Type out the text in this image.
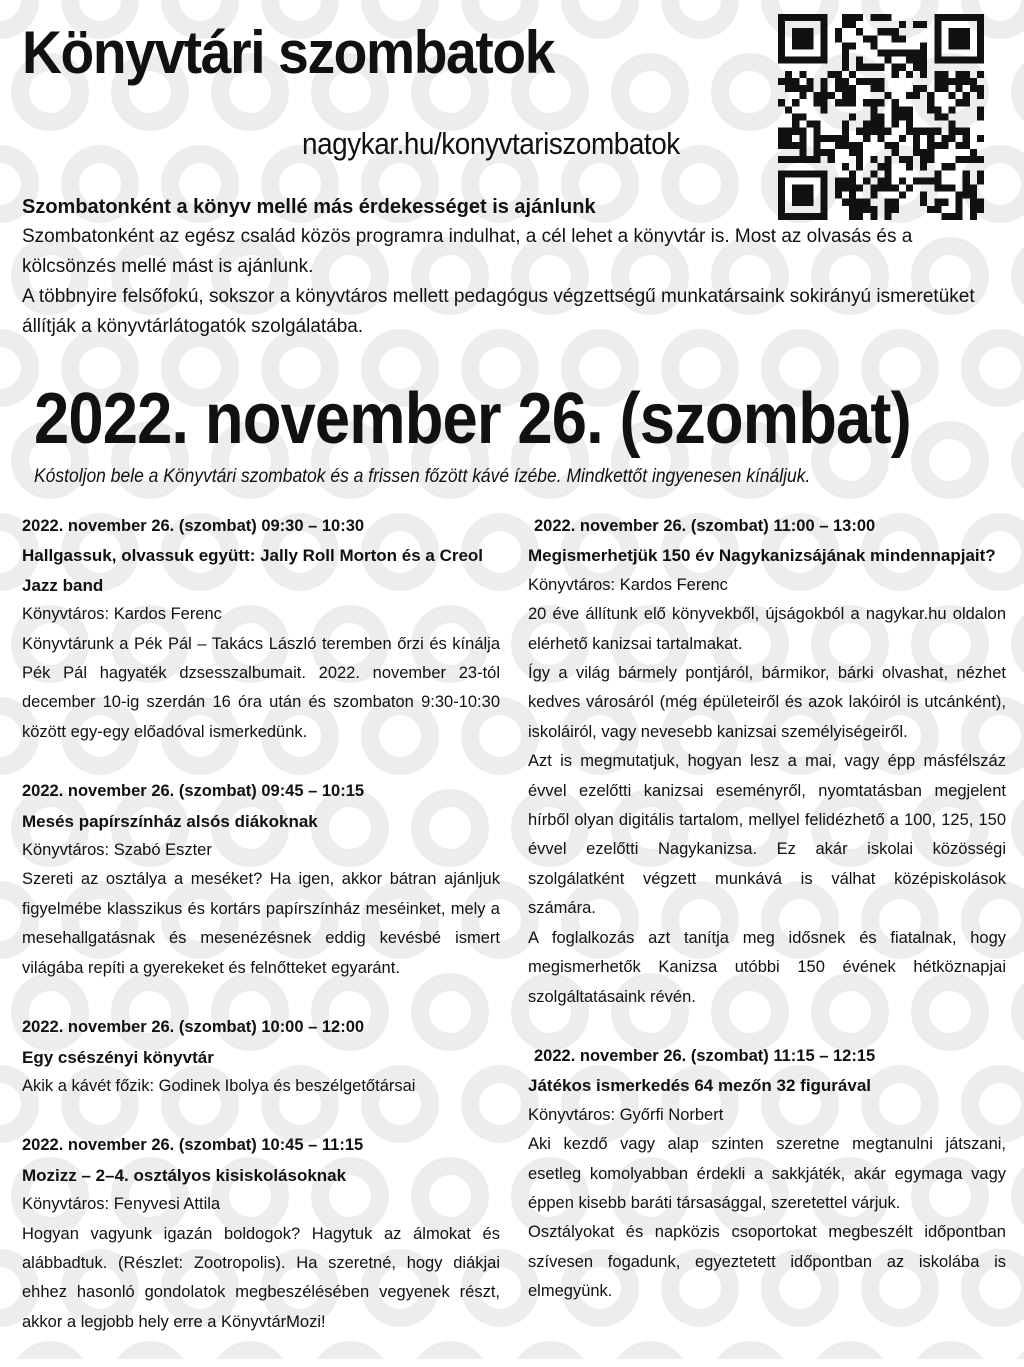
Könyvtári szombatok
nagykar.hu/konyvtariszombatok

Szombatonként a könyv mellé más érdekességet is ajánlunk

Szombatonként az egész család közös programra indulhat, a cél lehet a könyvtár is. Most az olvasás és a kölcsönzés mellé mást is ajánlunk.

A többnyire felsőfokú, sokszor a könyvtáros mellett pedagógus végzettségű munkatársaink sokirányú ismeretüket állítják a könyvtárlátogatók szolgálatába.

2022. november 26. (szombat)
Kóstoljon bele a Könyvtári szombatok és a frissen főzött kávé ízébe. Mindkettőt ingyenesen kínáljuk.
2022. november 26. (szombat) 09:30 – 10:30
Hallgassuk, olvassuk együtt: Jally Roll Morton és a Creol Jazz band
Könyvtáros: Kardos Ferenc
Könyvtárunk a Pék Pál – Takács László teremben őrzi és kínálja Pék Pál hagyaték dzsesszalbumait. 2022. november 23-tól december 10-ig szerdán 16 óra után és szombaton 9:30-10:30 között egy-egy előadóval ismerkedünk.
2022. november 26. (szombat) 09:45 – 10:15
Mesés papírszínház alsós diákoknak
Könyvtáros: Szabó Eszter
Szereti az osztálya a meséket? Ha igen, akkor bátran ajánljuk figyelmébe klasszikus és kortárs papírszínház meséinket, mely a mesehallgatásnak és mesenézésnek eddig kevésbé ismert világába repíti a gyerekeket és felnőtteket egyaránt.
2022. november 26. (szombat) 10:00 – 12:00
Egy csészényi könyvtár
Akik a kávét főzik: Godinek Ibolya és beszélgetőtársai
2022. november 26. (szombat) 10:45 – 11:15
Mozizz – 2–4. osztályos kisiskolásoknak
Könyvtáros: Fenyvesi Attila
Hogyan vagyunk igazán boldogok? Hagytuk az álmokat és alábbadtuk. (Részlet: Zootropolis). Ha szeretné, hogy diákjai ehhez hasonló gondolatok megbeszélésében vegyenek részt, akkor a legjobb hely erre a KönyvtárMozi!
2022. november 26. (szombat) 11:00 – 13:00
Megismerhetjük 150 év Nagykanizsájának mindennapjait?
Könyvtáros: Kardos Ferenc
20 éve állítunk elő könyvekből, újságokból a nagykar.hu oldalon elérhető kanizsai tartalmakat.
Így a világ bármely pontjáról, bármikor, bárki olvashat, nézhet kedves városáról (még épületeiről és azok lakóiról is utcánként), iskoláiról, vagy nevesebb kanizsai személyiségeiről.
Azt is megmutatjuk, hogyan lesz a mai, vagy épp másfélszáz évvel ezelőtti kanizsai eseményről, nyomtatásban megjelent hírből olyan digitális tartalom, mellyel felidézhető a 100, 125, 150 évvel ezelőtti Nagykanizsa. Ez akár iskolai közösségi szolgálatként végzett munkává is válhat középiskolások számára.
A foglalkozás azt tanítja meg idősnek és fiatalnak, hogy megismerhetők Kanizsa utóbbi 150 évének hétköznapjai szolgáltatásaink révén.
2022. november 26. (szombat) 11:15 – 12:15
Játékos ismerkedés 64 mezőn 32 figurával
Könyvtáros: Győrfi Norbert
Aki kezdő vagy alap szinten szeretne megtanulni játszani, esetleg komolyabban érdekli a sakkjáték, akár egymaga vagy éppen kisebb baráti társasággal, szeretettel várjuk.
Osztályokat és napközis csoportokat megbeszélt időpontban szívesen fogadunk, egyeztetett időpontban az iskolába is elmegyünk.
